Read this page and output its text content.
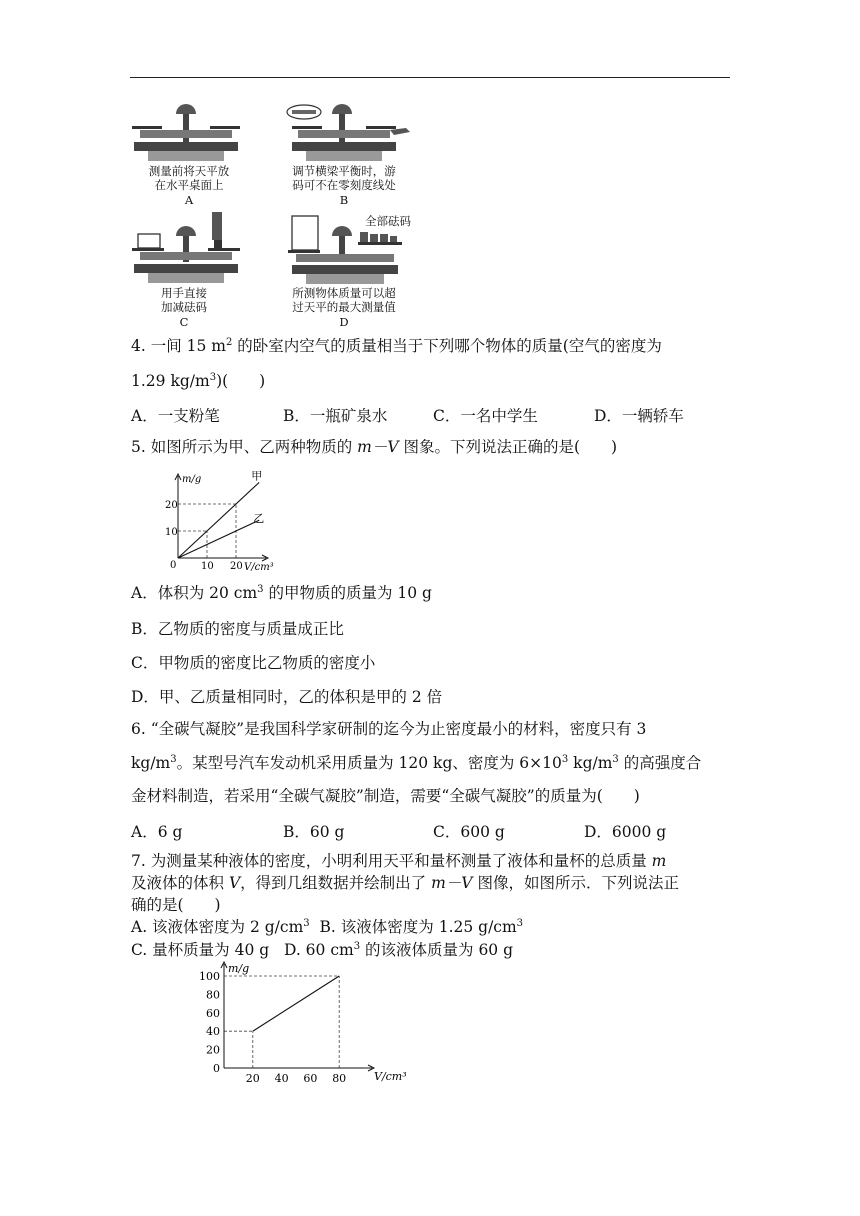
测量前将天平放
在水平桌面上
A
调节横梁平衡时，游
码可不在零刻度线处
B
用手直接
加减砝码
C
全部砝码
所测物体质量可以超
过天平的最大测量值
D
4. 一间 15 $m^2$ 的卧室内空气的质量相当于下列哪个物体的质量(空气的密度为
1.29 $kg/m^3$)(　　)
A．一支粉笔	B．一瓶矿泉水	C．一名中学生	D．一辆轿车
5. 如图所示为甲、乙两种物质的 m－V 图象。下列说法正确的是(　　)
m/g
V/cm³
0 10 20
10
20
甲
乙
A．体积为 20 $cm^3$ 的甲物质的质量为 10 g
B．乙物质的密度与质量成正比
C．甲物质的密度比乙物质的密度小
D．甲、乙质量相同时，乙的体积是甲的 2 倍
6. “全碳气凝胶”是我国科学家研制的迄今为止密度最小的材料，密度只有 3
$kg/m^3$。某型号汽车发动机采用质量为 120 kg、密度为 $6\times 10^3$ $kg/m^3$ 的高强度合
金材料制造，若采用“全碳气凝胶”制造，需要“全碳气凝胶”的质量为(　　)
A．6 g	B．60 g	C．600 g	D．6000 g
7. 为测量某种液体的密度，小明利用天平和量杯测量了液体和量杯的总质量 m
及液体的体积 V，得到几组数据并绘制出了 m－V 图像，如图所示．下列说法正
确的是(　　)
A. 该液体密度为 2 $g/cm^3$ B. 该液体密度为 1.25 $g/cm^3$
C. 量杯质量为 40 g D. 60 $cm^3$ 的该液体质量为 60 g
m/g
V/cm³
20 40 60 80
0
20
40
60
80
100
